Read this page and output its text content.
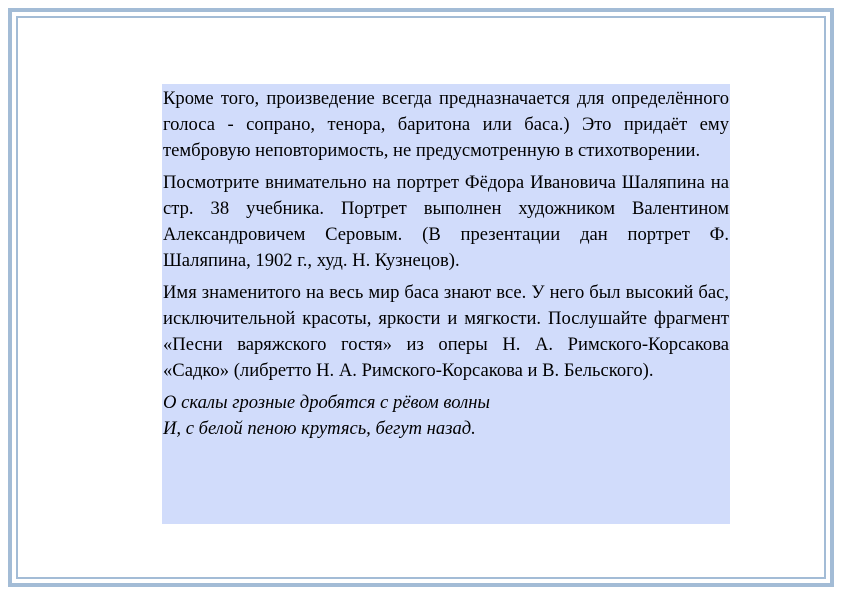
Кроме того, произведение всегда предназначается для определённого голоса - сопрано, тенора, баритона или баса.) Это придаёт ему тембровую неповторимость, не предусмотренную в стихотворении.

Посмотрите внимательно на портрет Фёдора Ивановича Шаляпина на стр. 38 учебника. Портрет выполнен художником Валентином Александровичем Серовым. (В презентации дан портрет Ф. Шаляпина, 1902 г., худ. Н. Кузнецов).

Имя знаменитого на весь мир баса знают все. У него был высокий бас, исключительной красоты, яркости и мягкости. Послушайте фрагмент «Песни варяжского гостя» из оперы Н. А. Римского-Корсакова «Садко» (либретто Н. А. Римского-Корсакова и В. Бельского).

О скалы грозные дробятся с рёвом волны

И, с белой пеною крутясь, бегут назад.
